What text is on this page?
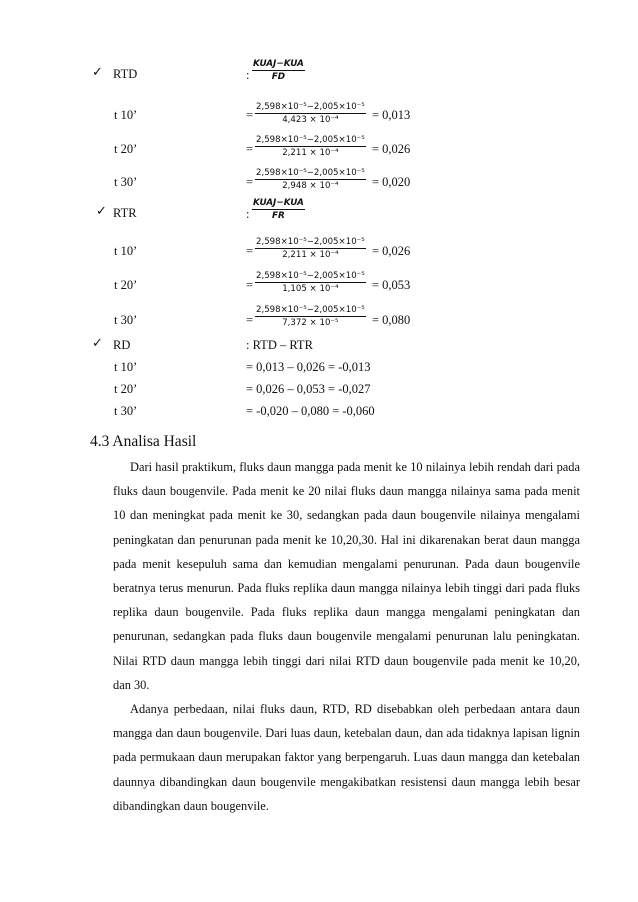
✓ RTD	:
KUAJ−KUA
FD
t 10’	= $\frac{\text{2,598×10⁻⁵−2,005×10⁻⁵}}{\text{4,423 × 10⁻⁴}} = 0,013$
t 20’	= $\frac{\text{2,598×10⁻⁵−2,005×10⁻⁵}}{\text{2,211 × 10⁻⁴}} = 0,026$
t 30’	= $\frac{\text{2,598×10⁻⁵−2,005×10⁻⁵}}{\text{2,948 × 10⁻⁴}} = 0,020$
✓ RTR	:
KUAJ−KUA
FR
t 10’	= $\frac{\text{2,598×10⁻⁵−2,005×10⁻⁵}}{\text{2,211 × 10⁻⁴}} = 0,026$
t 20’	= $\frac{\text{2,598×10⁻⁵−2,005×10⁻⁵}}{\text{1,105 × 10⁻⁴}} = 0,053$
t 30’	= $\frac{\text{2,598×10⁻⁵−2,005×10⁻⁵}}{\text{7,372 × 10⁻⁵}} = 0,080$
✓ RD	: RTD – RTR
t 10’	= 0,013 – 0,026 = -0,013
t 20’	= 0,026 – 0,053 = -0,027
t 30’	= -0,020 – 0,080 = -0,060
4.3 Analisa Hasil

Dari hasil praktikum, fluks daun mangga pada menit ke 10 nilainya lebih rendah dari pada fluks daun bougenvile. Pada menit ke 20 nilai fluks daun mangga nilainya sama pada menit 10 dan meningkat pada menit ke 30, sedangkan pada daun bougenvile nilainya mengalami peningkatan dan penurunan pada menit ke 10,20,30. Hal ini dikarenakan berat daun mangga pada menit kesepuluh sama dan kemudian mengalami penurunan. Pada daun bougenvile beratnya terus menurun. Pada fluks replika daun mangga nilainya lebih tinggi dari pada fluks replika daun bougenvile. Pada fluks replika daun mangga mengalami peningkatan dan penurunan, sedangkan pada fluks daun bougenvile mengalami penurunan lalu peningkatan. Nilai RTD daun mangga lebih tinggi dari nilai RTD daun bougenvile pada menit ke 10,20, dan 30.

Adanya perbedaan, nilai fluks daun, RTD, RD disebabkan oleh perbedaan antara daun mangga dan daun bougenvile. Dari luas daun, ketebalan daun, dan ada tidaknya lapisan lignin pada permukaan daun merupakan faktor yang berpengaruh. Luas daun mangga dan ketebalan daunnya dibandingkan daun bougenvile mengakibatkan resistensi daun mangga lebih besar dibandingkan daun bougenvile.
